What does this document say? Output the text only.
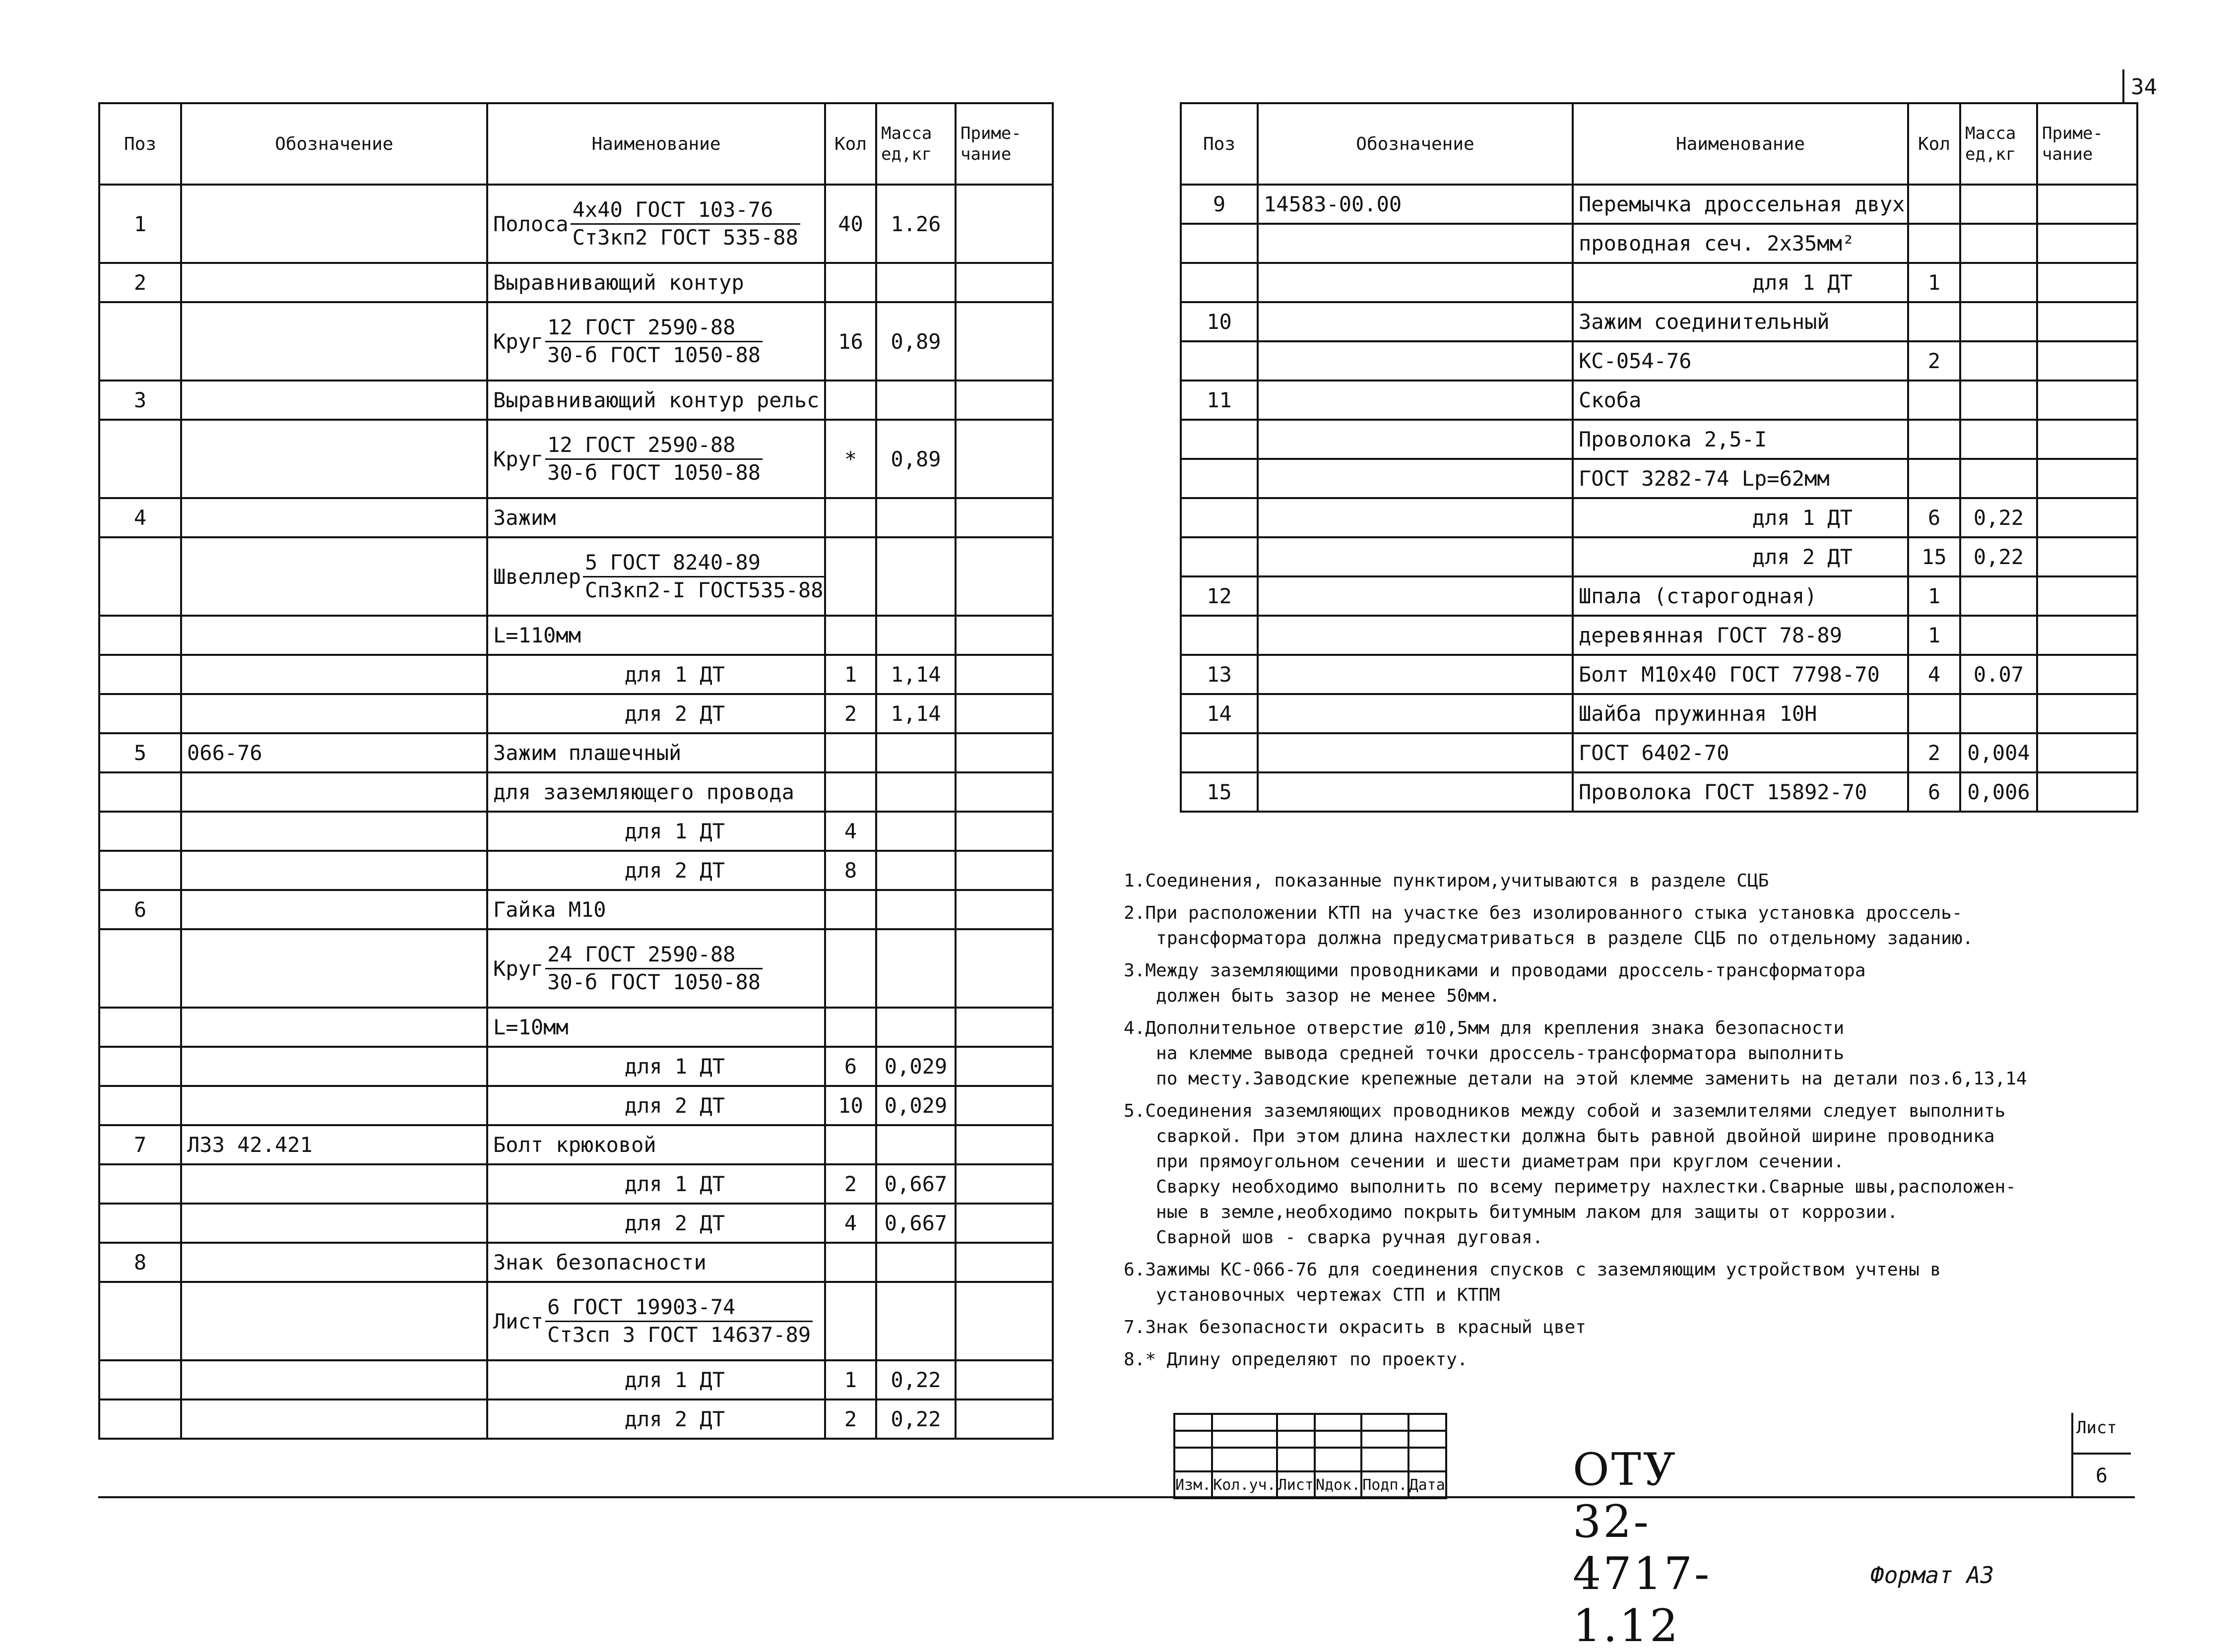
34
Поз	Обозначение	Наименование	Кол	Масса ед,кг	Приме-чание
1		Полоса
4х40 ГОСТ 103-76
Ст3кп2 ГОСТ 535-88	40	1.26	
2		Выравнивающий контур			

		Круг
12 ГОСТ 2590-88
30-б ГОСТ 1050-88	16	0,89	
3		Выравнивающий контур рельс			

		Круг
12 ГОСТ 2590-88
30-б ГОСТ 1050-88	*	0,89	
4		Зажим			

		Швеллер
5 ГОСТ 8240-89
Сп3кп2-I ГОСТ535-88			

		L=110мм			
		для 1 ДТ	1	1,14	
		для 2 ДТ	2	1,14	
5	066-76	Зажим плашечный			
		для заземляющего провода			
		для 1 ДТ	4		
		для 2 ДТ	8		
6		Гайка М10			

		Круг
24 ГОСТ 2590-88
30-б ГОСТ 1050-88			

		L=10мм			
		для 1 ДТ	6	0,029	
		для 2 ДТ	10	0,029	
7	Л33 42.421	Болт крюковой			
		для 1 ДТ	2	0,667	
		для 2 ДТ	4	0,667	
8		Знак безопасности			

		Лист
6 ГОСТ 19903-74
Ст3сп 3 ГОСТ 14637-89			

		для 1 ДТ	1	0,22	
		для 2 ДТ	2	0,22	
Поз	Обозначение	Наименование	Кол	Масса ед,кг	Приме-чание
9	14583-00.00	Перемычка дроссельная двух			
		проводная сеч. 2х35мм²			
		для 1 ДТ	1		
10		Зажим соединительный			
		КС-054-76	2		
11		Скоба			
		Проволока 2,5-I			
		ГОСТ 3282-74 Lр=62мм			
		для 1 ДТ	6	0,22	
		для 2 ДТ	15	0,22	
12		Шпала (старогодная)	1		
		деревянная ГОСТ 78-89	1		
13		Болт М10х40 ГОСТ 7798-70	4	0.07	
14		Шайба пружинная 10Н			
		ГОСТ 6402-70	2	0,004	
15		Проволока ГОСТ 15892-70	6	0,006	
1.Соединения, показанные пунктиром,учитываются в разделе СЦБ
2.При расположении КТП на участке без изолированного стыка установка дроссель-
трансформатора должна предусматриваться в разделе СЦБ по отдельному заданию.
3.Между заземляющими проводниками и проводами дроссель-трансформатора
должен быть зазор не менее 50мм.
4.Дополнительное отверстие ø10,5мм для крепления знака безопасности
на клемме вывода средней точки дроссель-трансформатора выполнить
по месту.Заводские крепежные детали на этой клемме заменить на детали поз.6,13,14
5.Соединения заземляющих проводников между собой и заземлителями следует выполнить
сваркой. При этом длина нахлестки должна быть равной двойной ширине проводника
при прямоугольном сечении и шести диаметрам при круглом сечении.
Сварку необходимо выполнить по всему периметру нахлестки.Сварные швы,расположен-
ные в земле,необходимо покрыть битумным лаком для защиты от коррозии.
Сварной шов - сварка ручная дуговая.
6.Зажимы КС-066-76 для соединения спусков с заземляющим устройством учтены в
установочных чертежах СТП и КТПМ
7.Знак безопасности окрасить в красный цвет
8.* Длину определяют по проекту.

Изм.	Кол.уч.	Лист	Nдок.	Подп.	Дата	ОТУ 32-4717-1.12
Лист
6
Формат А3
